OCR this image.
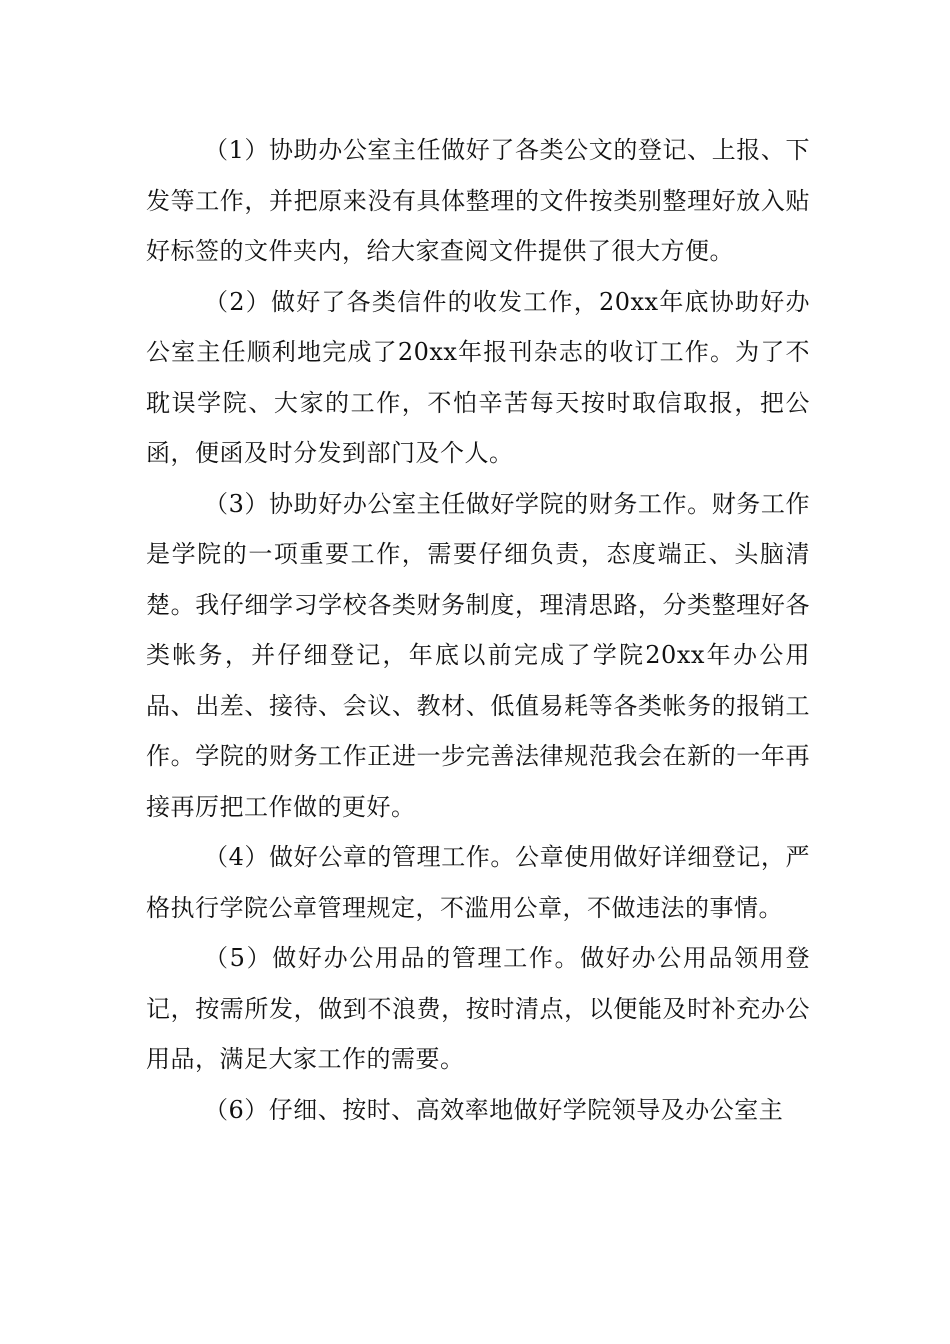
（1）协助办公室主任做好了各类公文的登记、上报、下发等工作，并把原来没有具体整理的文件按类别整理好放入贴好标签的文件夹内，给大家查阅文件提供了很大方便。

（2）做好了各类信件的收发工作，20xx年底协助好办公室主任顺利地完成了20xx年报刊杂志的收订工作。为了不耽误学院、大家的工作，不怕辛苦每天按时取信取报，把公函，便函及时分发到部门及个人。

（3）协助好办公室主任做好学院的财务工作。财务工作是学院的一项重要工作，需要仔细负责，态度端正、头脑清楚。我仔细学习学校各类财务制度，理清思路，分类整理好各类帐务，并仔细登记，年底以前完成了学院20xx年办公用品、出差、接待、会议、教材、低值易耗等各类帐务的报销工作。学院的财务工作正进一步完善法律规范我会在新的一年再接再厉把工作做的更好。

（4）做好公章的管理工作。公章使用做好详细登记，严格执行学院公章管理规定，不滥用公章，不做违法的事情。

（5）做好办公用品的管理工作。做好办公用品领用登记，按需所发，做到不浪费，按时清点，以便能及时补充办公用品，满足大家工作的需要。

（6）仔细、按时、高效率地做好学院领导及办公室主
